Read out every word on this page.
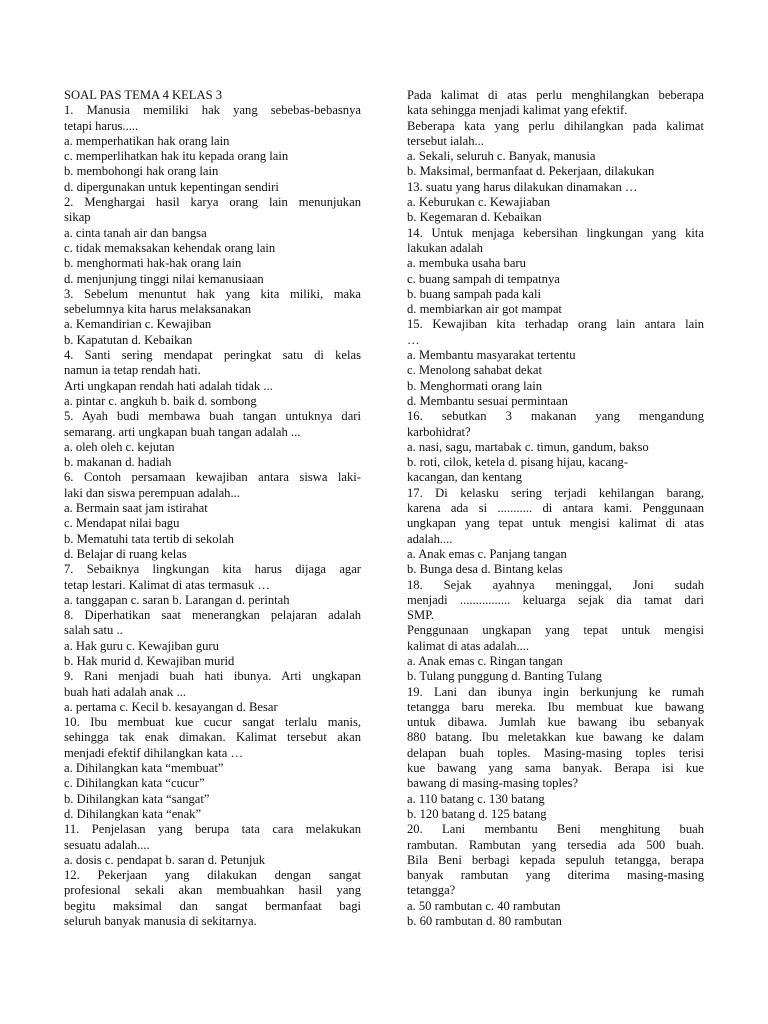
SOAL PAS TEMA 4 KELAS 3
1. Manusia memiliki hak yang sebebas-bebasnya
tetapi harus.....
a. memperhatikan hak orang lain
c. memperlihatkan hak itu kepada orang lain
b. membohongi hak orang lain
d. dipergunakan untuk kepentingan sendiri
2. Menghargai hasil karya orang lain menunjukan
sikap
a. cinta tanah air dan bangsa
c. tidak memaksakan kehendak orang lain
b. menghormati hak-hak orang lain
d. menjunjung tinggi nilai kemanusiaan
3. Sebelum menuntut hak yang kita miliki, maka
sebelumnya kita harus melaksanakan
a. Kemandirian c. Kewajiban
b. Kapatutan d. Kebaikan
4. Santi sering mendapat peringkat satu di kelas
namun ia tetap rendah hati.
Arti ungkapan rendah hati adalah tidak ...
a. pintar c. angkuh b. baik d. sombong
5. Ayah budi membawa buah tangan untuknya dari
semarang. arti ungkapan buah tangan adalah ...
a. oleh oleh c. kejutan
b. makanan d. hadiah
6. Contoh persamaan kewajiban antara siswa laki-
laki dan siswa perempuan adalah...
a. Bermain saat jam istirahat
c. Mendapat nilai bagu
b. Mematuhi tata tertib di sekolah
d. Belajar di ruang kelas
7. Sebaiknya lingkungan kita harus dijaga agar
tetap lestari. Kalimat di atas termasuk …
a. tanggapan c. saran b. Larangan d. perintah
8. Diperhatikan saat menerangkan pelajaran adalah
salah satu ..
a. Hak guru c. Kewajiban guru
b. Hak murid d. Kewajiban murid
9. Rani menjadi buah hati ibunya. Arti ungkapan
buah hati adalah anak ...
a. pertama c. Kecil b. kesayangan d. Besar
10. Ibu membuat kue cucur sangat terlalu manis,
sehingga tak enak dimakan. Kalimat tersebut akan
menjadi efektif dihilangkan kata …
a. Dihilangkan kata “membuat”
c. Dihilangkan kata “cucur”
b. Dihilangkan kata “sangat”
d. Dihilangkan kata “enak”
11. Penjelasan yang berupa tata cara melakukan
sesuatu adalah....
a. dosis c. pendapat b. saran d. Petunjuk
12. Pekerjaan yang dilakukan dengan sangat
profesional sekali akan membuahkan hasil yang
begitu maksimal dan sangat bermanfaat bagi
seluruh banyak manusia di sekitarnya.
Pada kalimat di atas perlu menghilangkan beberapa
kata sehingga menjadi kalimat yang efektif.
Beberapa kata yang perlu dihilangkan pada kalimat
tersebut ialah...
a. Sekali, seluruh c. Banyak, manusia
b. Maksimal, bermanfaat d. Pekerjaan, dilakukan
13. suatu yang harus dilakukan dinamakan …
a. Keburukan c. Kewajiaban
b. Kegemaran d. Kebaikan
14. Untuk menjaga kebersihan lingkungan yang kita
lakukan adalah
a. membuka usaha baru
c. buang sampah di tempatnya
b. buang sampah pada kali
d. membiarkan air got mampat
15. Kewajiban kita terhadap orang lain antara lain
…
a. Membantu masyarakat tertentu
c. Menolong sahabat dekat
b. Menghormati orang lain
d. Membantu sesuai permintaan
16. sebutkan 3 makanan yang mengandung
karbohidrat?
a. nasi, sagu, martabak c. timun, gandum, bakso
b. roti, cilok, ketela d. pisang hijau, kacang-
kacangan, dan kentang
17. Di kelasku sering terjadi kehilangan barang,
karena ada si ........... di antara kami. Penggunaan
ungkapan yang tepat untuk mengisi kalimat di atas
adalah....
a. Anak emas c. Panjang tangan
b. Bunga desa d. Bintang kelas
18. Sejak ayahnya meninggal, Joni sudah
menjadi ................ keluarga sejak dia tamat dari
SMP.
Penggunaan ungkapan yang tepat untuk mengisi
kalimat di atas adalah....
a. Anak emas c. Ringan tangan
b. Tulang punggung d. Banting Tulang
19. Lani dan ibunya ingin berkunjung ke rumah
tetangga baru mereka. Ibu membuat kue bawang
untuk dibawa. Jumlah kue bawang ibu sebanyak
880 batang. Ibu meletakkan kue bawang ke dalam
delapan buah toples. Masing-masing toples terisi
kue bawang yang sama banyak. Berapa isi kue
bawang di masing-masing toples?
a. 110 batang c. 130 batang
b. 120 batang d. 125 batang
20. Lani membantu Beni menghitung buah
rambutan. Rambutan yang tersedia ada 500 buah.
Bila Beni berbagi kepada sepuluh tetangga, berapa
banyak rambutan yang diterima masing-masing
tetangga?
a. 50 rambutan c. 40 rambutan
b. 60 rambutan d. 80 rambutan
